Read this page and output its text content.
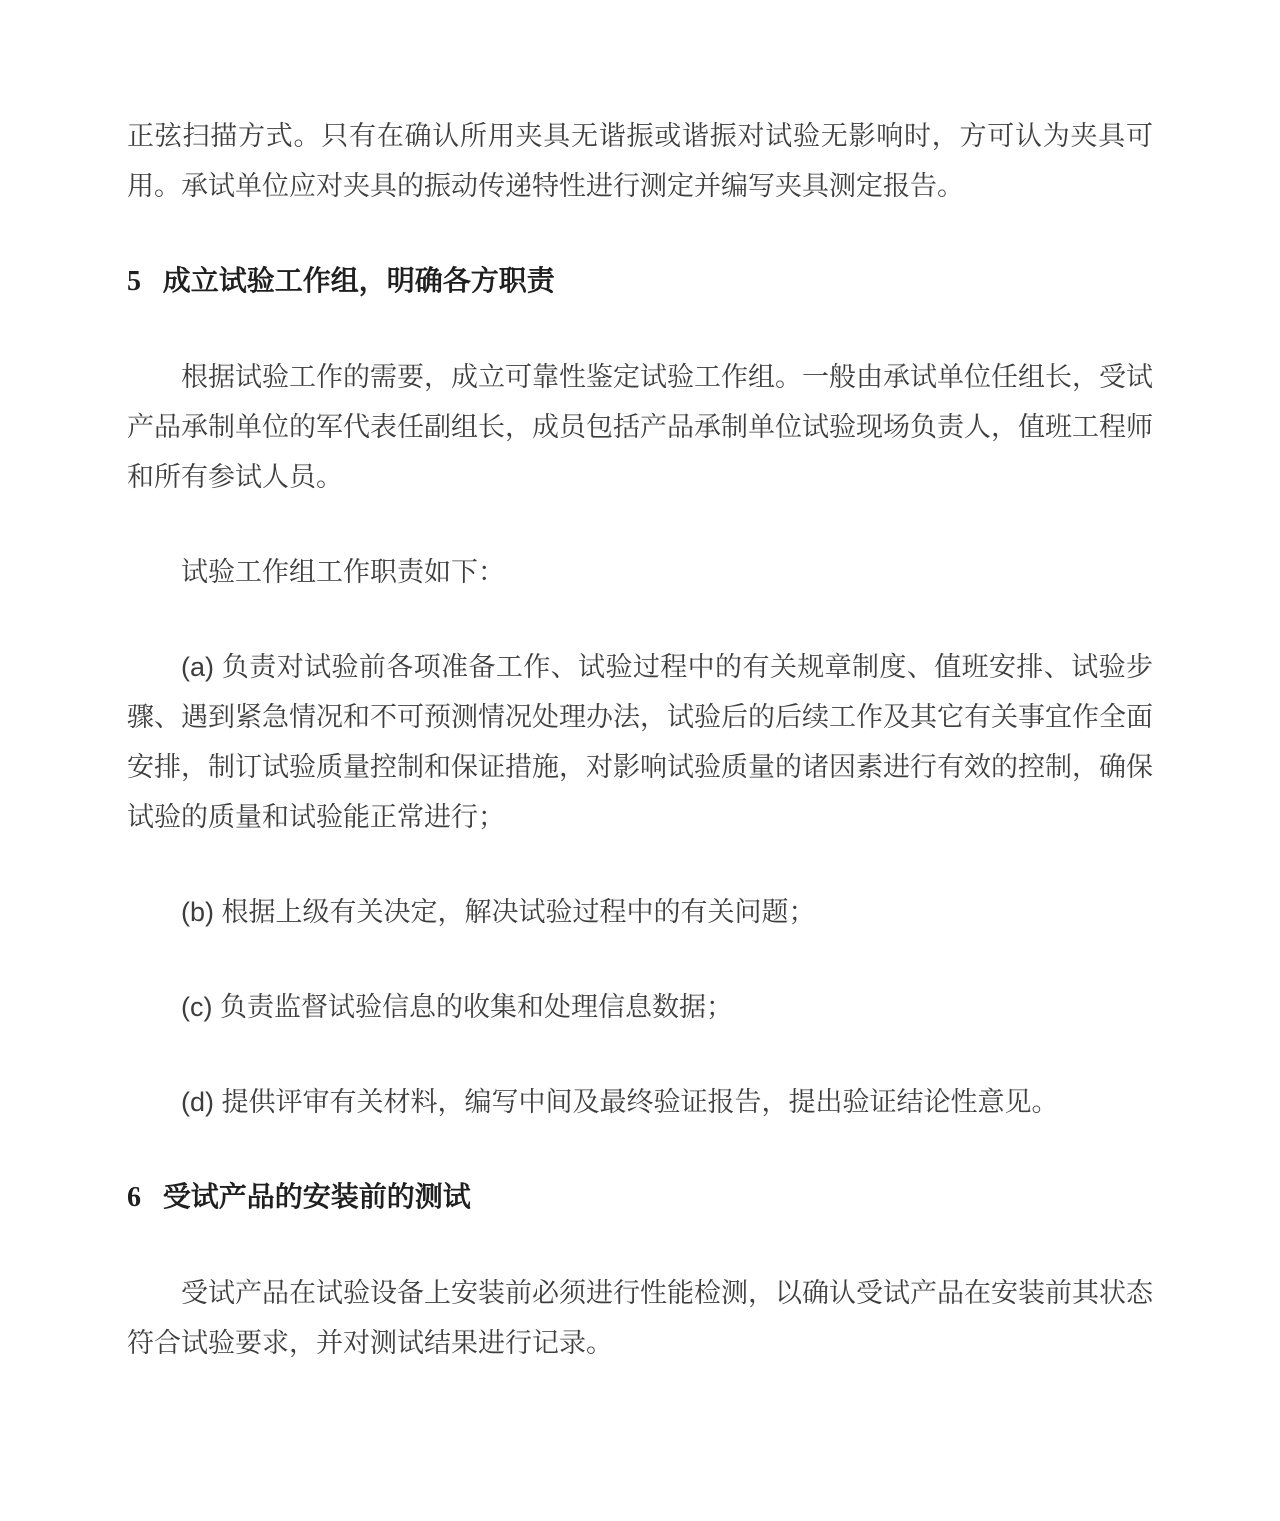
正弦扫描方式。只有在确认所用夹具无谐振或谐振对试验无影响时，方可认为夹具可用。承试单位应对夹具的振动传递特性进行测定并编写夹具测定报告。

5 成立试验工作组，明确各方职责

根据试验工作的需要，成立可靠性鉴定试验工作组。一般由承试单位任组长，受试产品承制单位的军代表任副组长，成员包括产品承制单位试验现场负责人，值班工程师和所有参试人员。

试验工作组工作职责如下：

(a) 负责对试验前各项准备工作、试验过程中的有关规章制度、值班安排、试验步骤、遇到紧急情况和不可预测情况处理办法，试验后的后续工作及其它有关事宜作全面安排，制订试验质量控制和保证措施，对影响试验质量的诸因素进行有效的控制，确保试验的质量和试验能正常进行；

(b) 根据上级有关决定，解决试验过程中的有关问题；

(c) 负责监督试验信息的收集和处理信息数据；

(d) 提供评审有关材料，编写中间及最终验证报告，提出验证结论性意见。

6 受试产品的安装前的测试

受试产品在试验设备上安装前必须进行性能检测，以确认受试产品在安装前其状态符合试验要求，并对测试结果进行记录。
